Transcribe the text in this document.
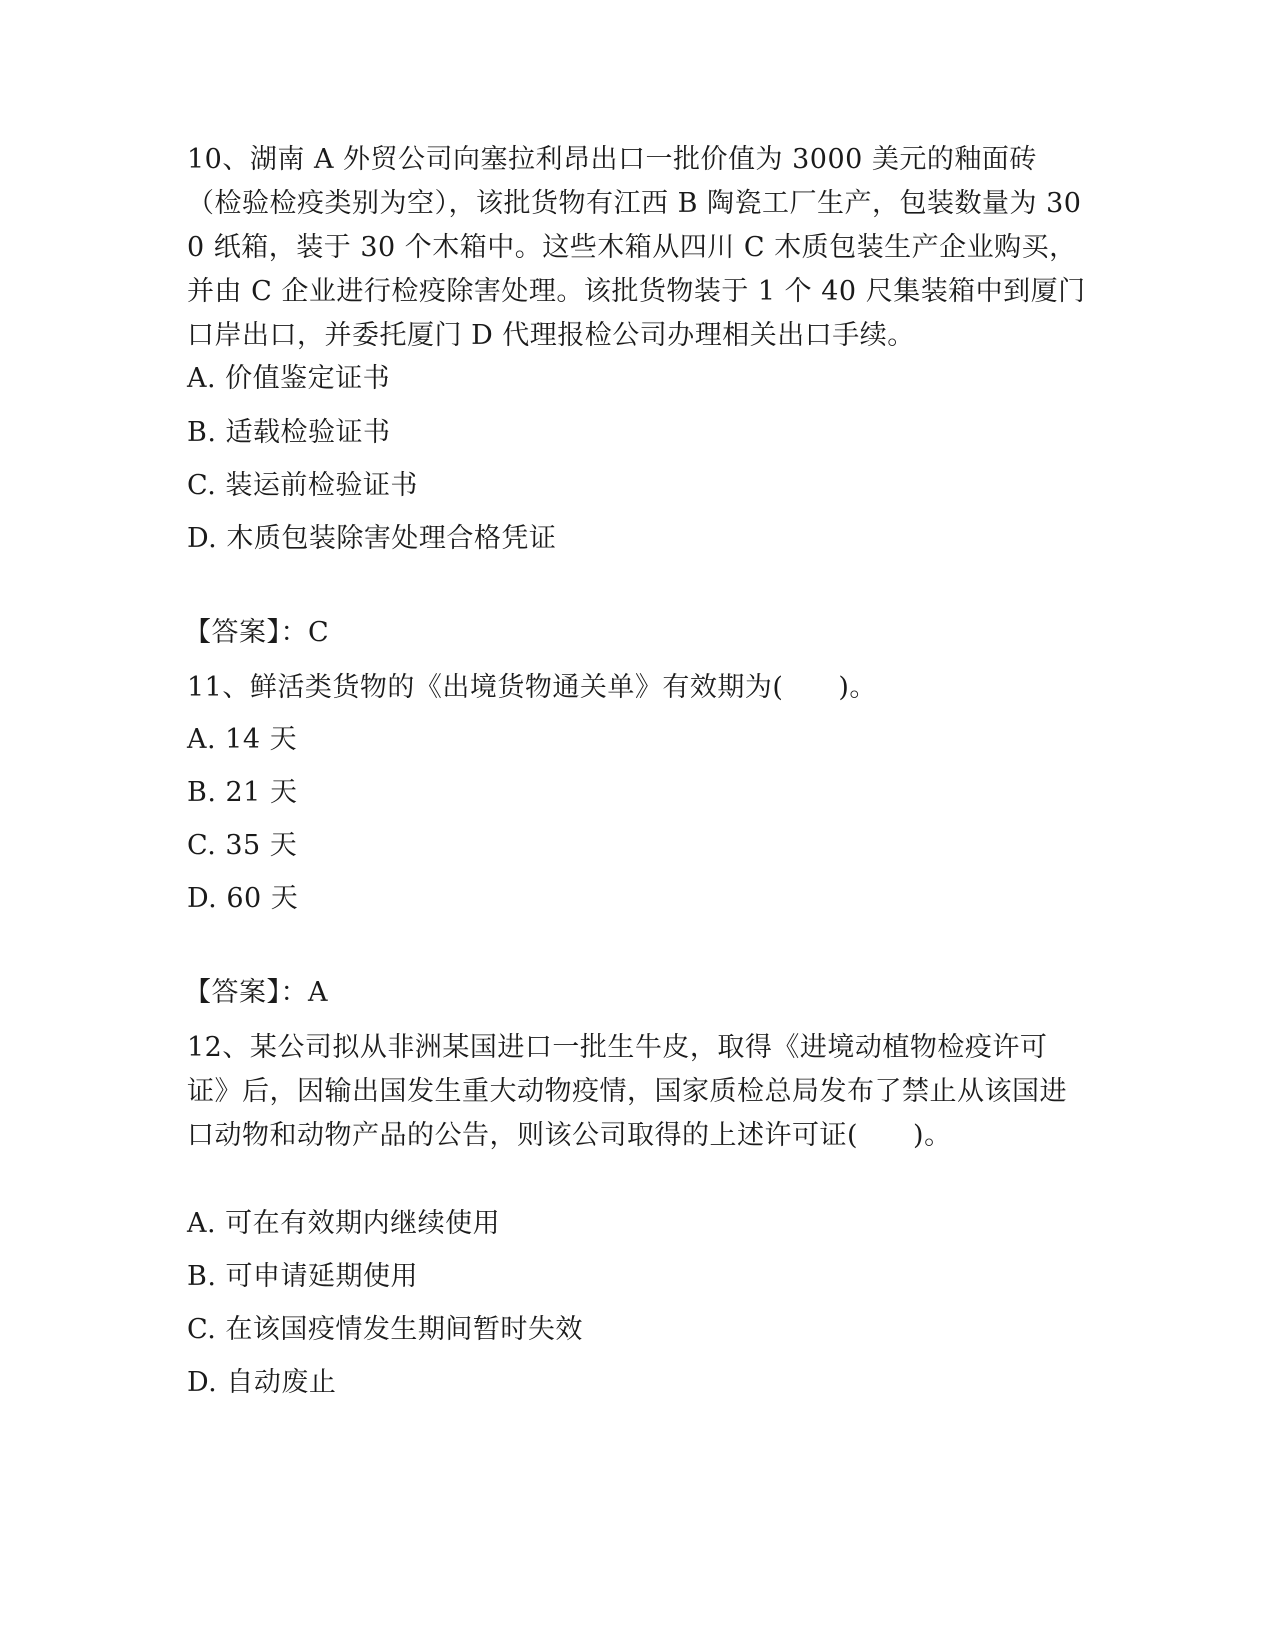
10、湖南 A 外贸公司向塞拉利昂出口一批价值为 3000 美元的釉面砖（检验检疫类别为空），该批货物有江西 B 陶瓷工厂生产，包装数量为 300 纸箱，装于 30 个木箱中。这些木箱从四川 C 木质包装生产企业购买，并由 C 企业进行检疫除害处理。该批货物装于 1 个 40 尺集装箱中到厦门口岸出口，并委托厦门 D 代理报检公司办理相关出口手续。
A. 价值鉴定证书
B. 适载检验证书
C. 装运前检验证书
D. 木质包装除害处理合格凭证
【答案】：C
11、鲜活类货物的《出境货物通关单》有效期为(　　)。
A. 14 天
B. 21 天
C. 35 天
D. 60 天
【答案】：A
12、某公司拟从非洲某国进口一批生牛皮，取得《进境动植物检疫许可证》后，因输出国发生重大动物疫情，国家质检总局发布了禁止从该国进口动物和动物产品的公告，则该公司取得的上述许可证(　　)。
A. 可在有效期内继续使用
B. 可申请延期使用
C. 在该国疫情发生期间暂时失效
D. 自动废止
